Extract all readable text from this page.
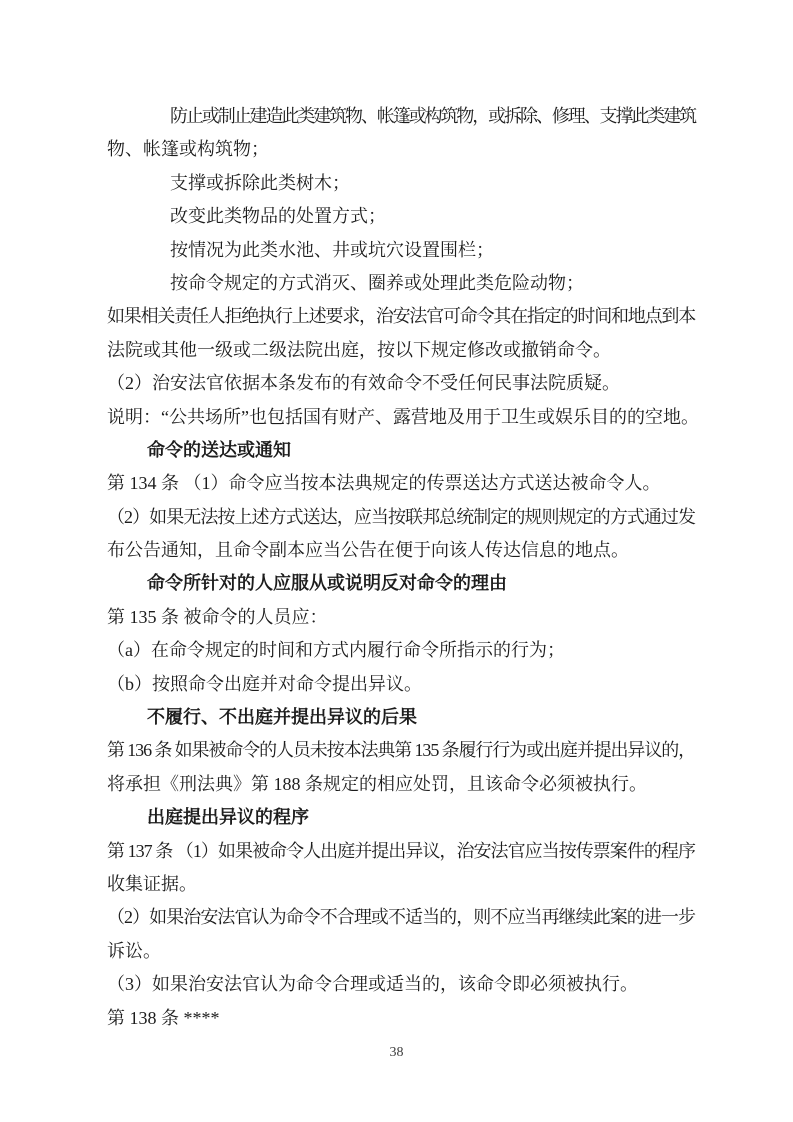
防止或制止建造此类建筑物、帐篷或构筑物，或拆除、修理、支撑此类建筑
物、帐篷或构筑物；
支撑或拆除此类树木；
改变此类物品的处置方式；
按情况为此类水池、井或坑穴设置围栏；
按命令规定的方式消灭、圈养或处理此类危险动物；
如果相关责任人拒绝执行上述要求，治安法官可命令其在指定的时间和地点到本
法院或其他一级或二级法院出庭，按以下规定修改或撤销命令。
（2）治安法官依据本条发布的有效命令不受任何民事法院质疑。
说明：“公共场所”也包括国有财产、露营地及用于卫生或娱乐目的的空地。
命令的送达或通知
第 134 条 （1）命令应当按本法典规定的传票送达方式送达被命令人。
（2）如果无法按上述方式送达，应当按联邦总统制定的规则规定的方式通过发
布公告通知，且命令副本应当公告在便于向该人传达信息的地点。
命令所针对的人应服从或说明反对命令的理由
第 135 条 被命令的人员应：
（a）在命令规定的时间和方式内履行命令所指示的行为；
（b）按照命令出庭并对命令提出异议。
不履行、不出庭并提出异议的后果
第 136 条 如果被命令的人员未按本法典第 135 条履行行为或出庭并提出异议的，
将承担《刑法典》第 188 条规定的相应处罚，且该命令必须被执行。
出庭提出异议的程序
第 137 条 （1）如果被命令人出庭并提出异议，治安法官应当按传票案件的程序
收集证据。
（2）如果治安法官认为命令不合理或不适当的，则不应当再继续此案的进一步
诉讼。
（3）如果治安法官认为命令合理或适当的，该命令即必须被执行。
第 138 条 ****
38
